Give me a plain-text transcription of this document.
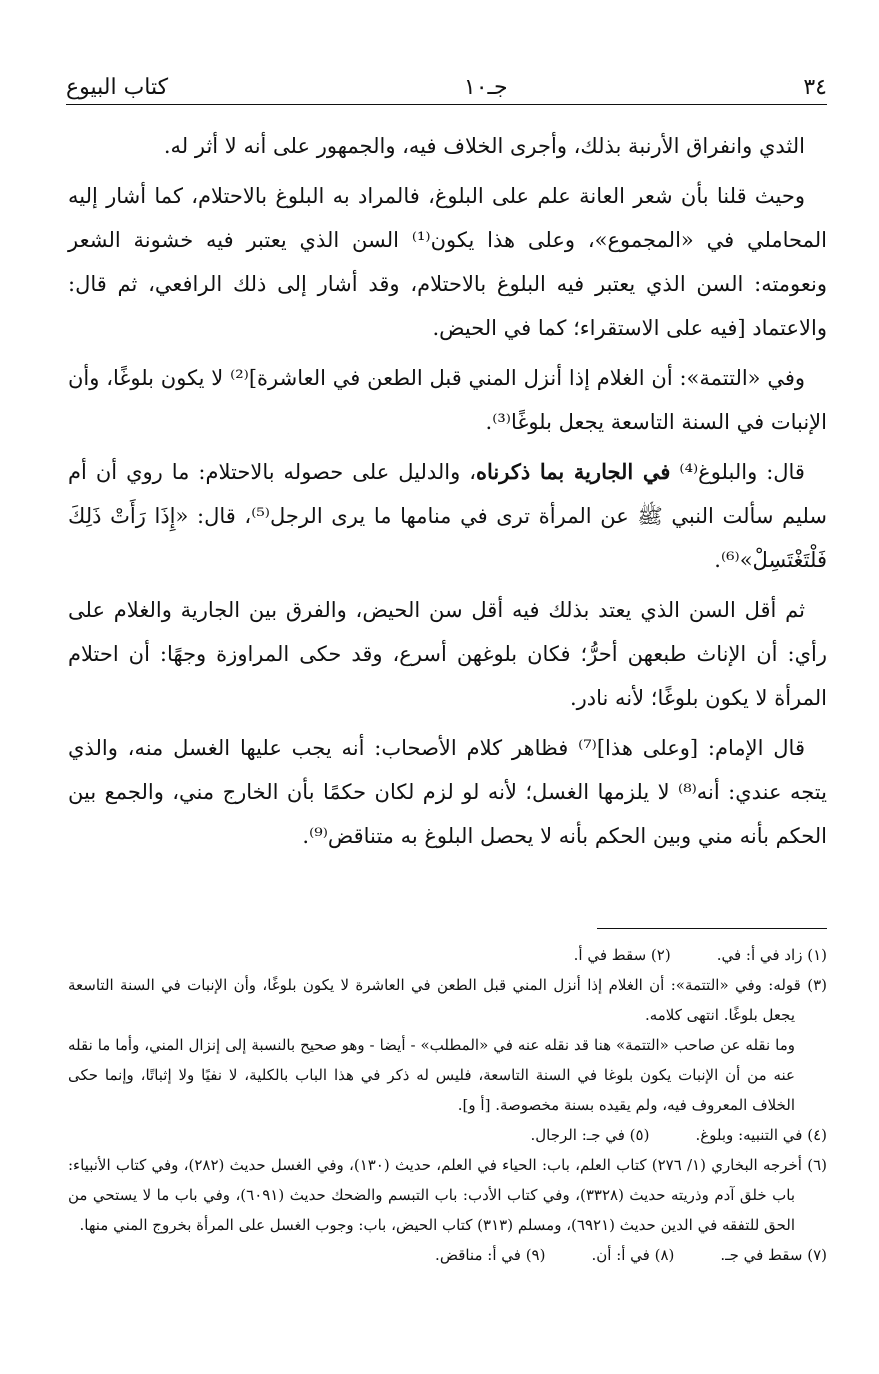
٣٤
جـ١٠
كتاب البيوع

الثدي وانفراق الأرنبة بذلك، وأجرى الخلاف فيه، والجمهور على أنه لا أثر له.

وحيث قلنا بأن شعر العانة علم على البلوغ، فالمراد به البلوغ بالاحتلام، كما أشار إليه المحاملي في «المجموع»، وعلى هذا يكون⁽¹⁾ السن الذي يعتبر فيه خشونة الشعر ونعومته: السن الذي يعتبر فيه البلوغ بالاحتلام، وقد أشار إلى ذلك الرافعي، ثم قال: والاعتماد [فيه على الاستقراء؛ كما في الحيض.

وفي «التتمة»: أن الغلام إذا أنزل المني قبل الطعن في العاشرة]⁽²⁾ لا يكون بلوغًا، وأن الإنبات في السنة التاسعة يجعل بلوغًا⁽³⁾.

قال: والبلوغ⁽⁴⁾ في الجارية بما ذكرناه، والدليل على حصوله بالاحتلام: ما روي أن أم سليم سألت النبي ﷺ عن المرأة ترى في منامها ما يرى الرجل⁽⁵⁾، قال: «إِذَا رَأَتْ ذَلِكَ فَلْتَغْتَسِلْ»⁽⁶⁾.

ثم أقل السن الذي يعتد بذلك فيه أقل سن الحيض، والفرق بين الجارية والغلام على رأي: أن الإناث طبعهن أحرُّ؛ فكان بلوغهن أسرع، وقد حكى المراوزة وجهًا: أن احتلام المرأة لا يكون بلوغًا؛ لأنه نادر.

قال الإمام: [وعلى هذا]⁽⁷⁾ فظاهر كلام الأصحاب: أنه يجب عليها الغسل منه، والذي يتجه عندي: أنه⁽⁸⁾ لا يلزمها الغسل؛ لأنه لو لزم لكان حكمًا بأن الخارج مني، والجمع بين الحكم بأنه مني وبين الحكم بأنه لا يحصل البلوغ به متناقض⁽⁹⁾.

(١) زاد في أ: في.
(٢) سقط في أ.
(٣) قوله: وفي «التتمة»: أن الغلام إذا أنزل المني قبل الطعن في العاشرة لا يكون بلوغًا، وأن الإنبات في السنة التاسعة يجعل بلوغًا. انتهى كلامه.
وما نقله عن صاحب «التتمة» هنا قد نقله عنه في «المطلب» - أيضا - وهو صحيح بالنسبة إلى إنزال المني، وأما ما نقله عنه من أن الإنبات يكون بلوغا في السنة التاسعة، فليس له ذكر في هذا الباب بالكلية، لا نفيًا ولا إثباتًا، وإنما حكى الخلاف المعروف فيه، ولم يقيده بسنة مخصوصة. [أ و].
(٤) في التنبيه: وبلوغ.
(٥) في جـ: الرجال.
(٦) أخرجه البخاري (١/ ٢٧٦) كتاب العلم، باب: الحياء في العلم، حديث (١٣٠)، وفي الغسل حديث (٢٨٢)، وفي كتاب الأنبياء: باب خلق آدم وذريته حديث (٣٣٢٨)، وفي كتاب الأدب: باب التبسم والضحك حديث (٦٠٩١)، وفي باب ما لا يستحي من الحق للتفقه في الدين حديث (٦٩٢١)، ومسلم (٣١٣) كتاب الحيض، باب: وجوب الغسل على المرأة بخروج المني منها.
(٧) سقط في جـ.
(٨) في أ: أن.
(٩) في أ: مناقض.
